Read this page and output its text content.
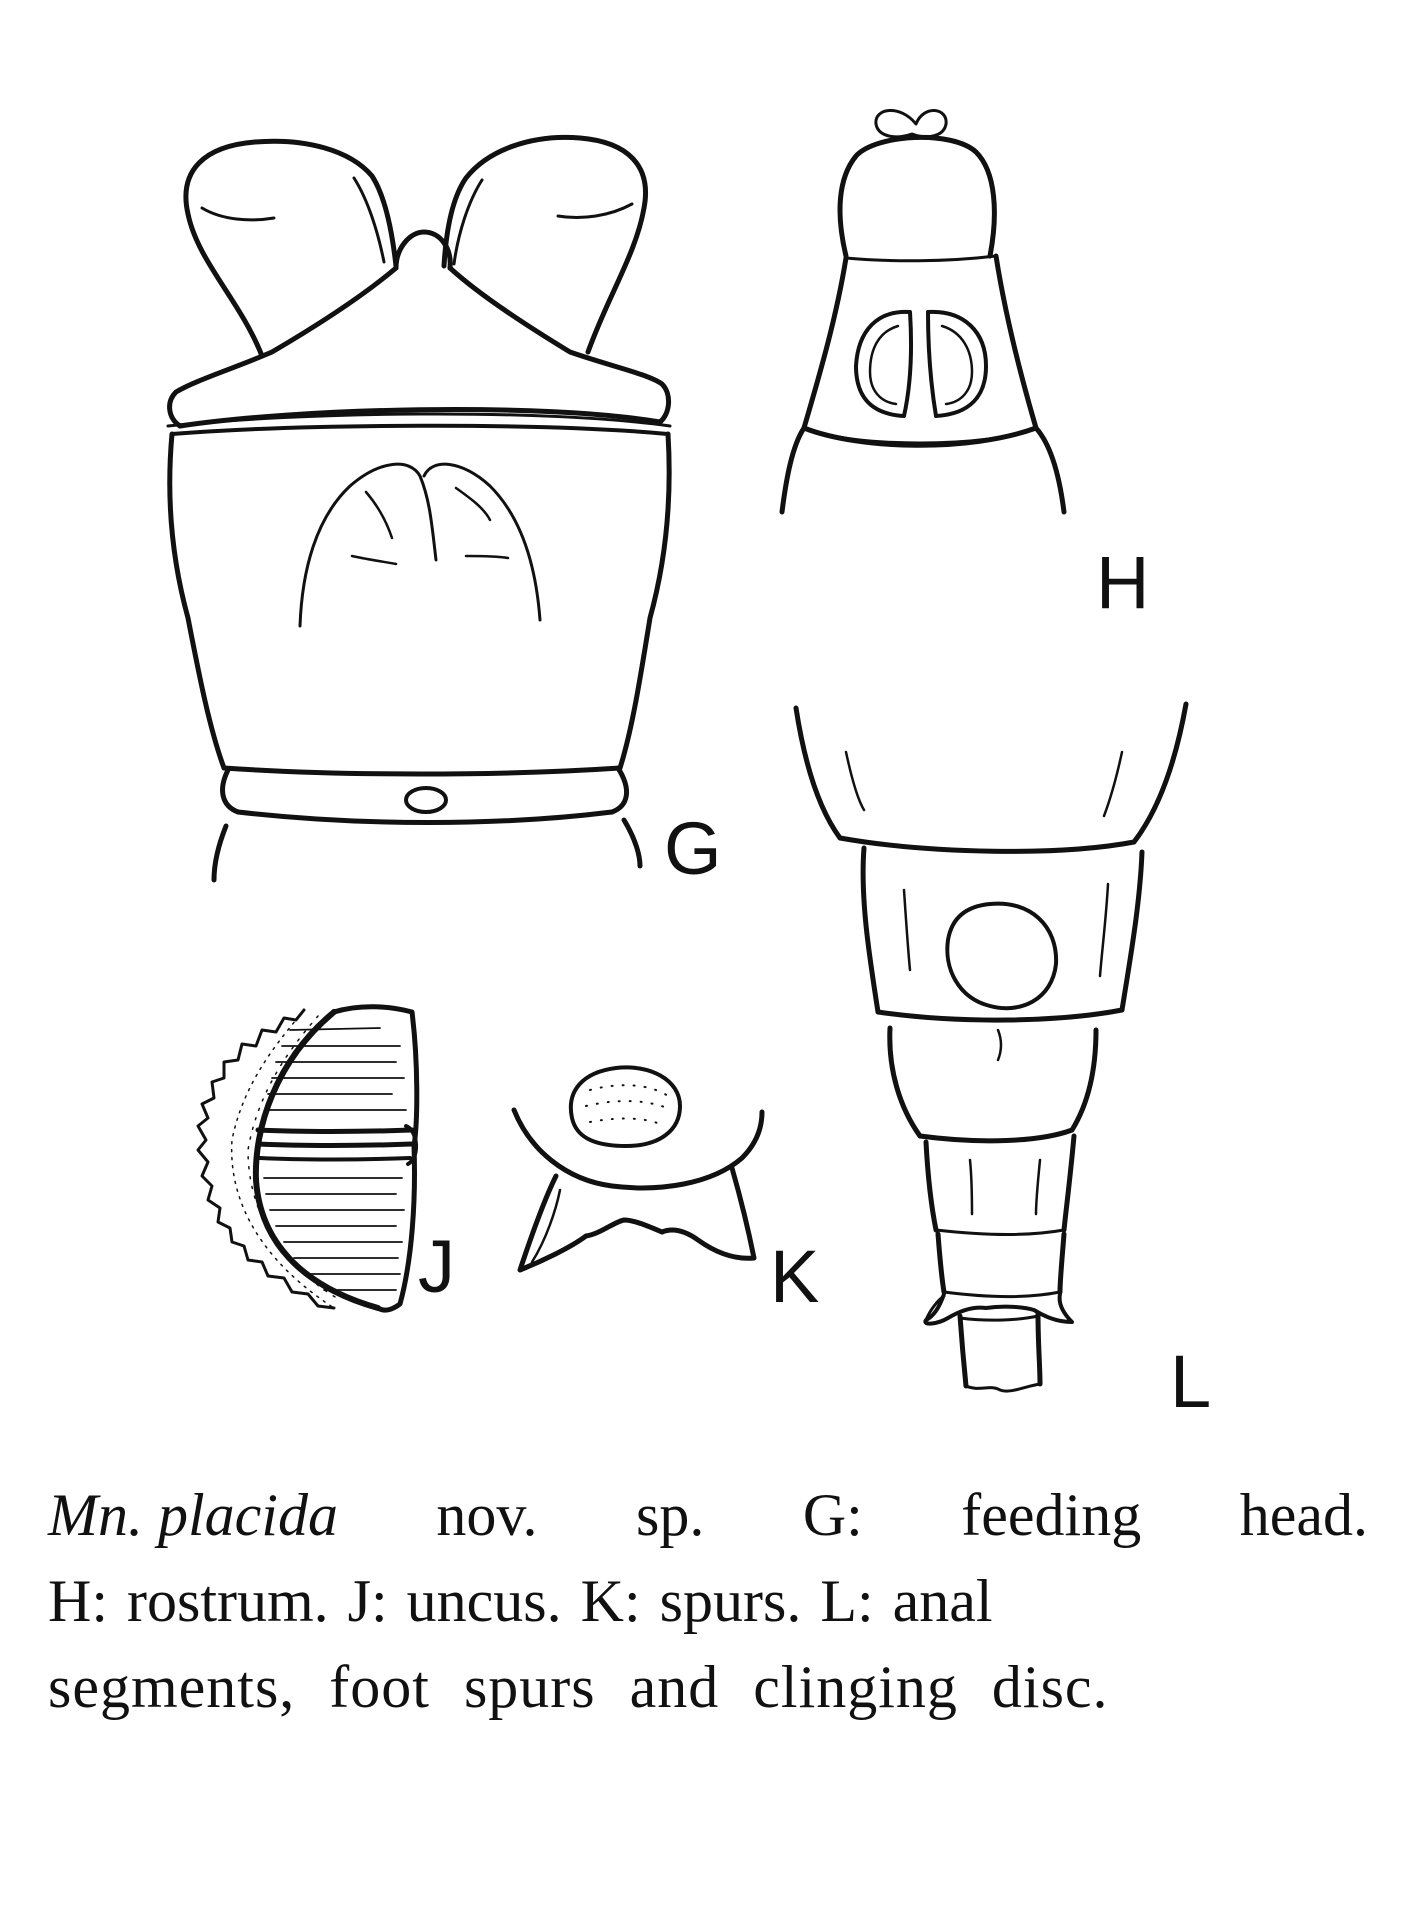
G
H
J	K
L
Mn. placida nov. sp. G: feeding head.
H: rostrum. J: uncus. K: spurs. L: anal
segments, foot spurs and clinging disc.
